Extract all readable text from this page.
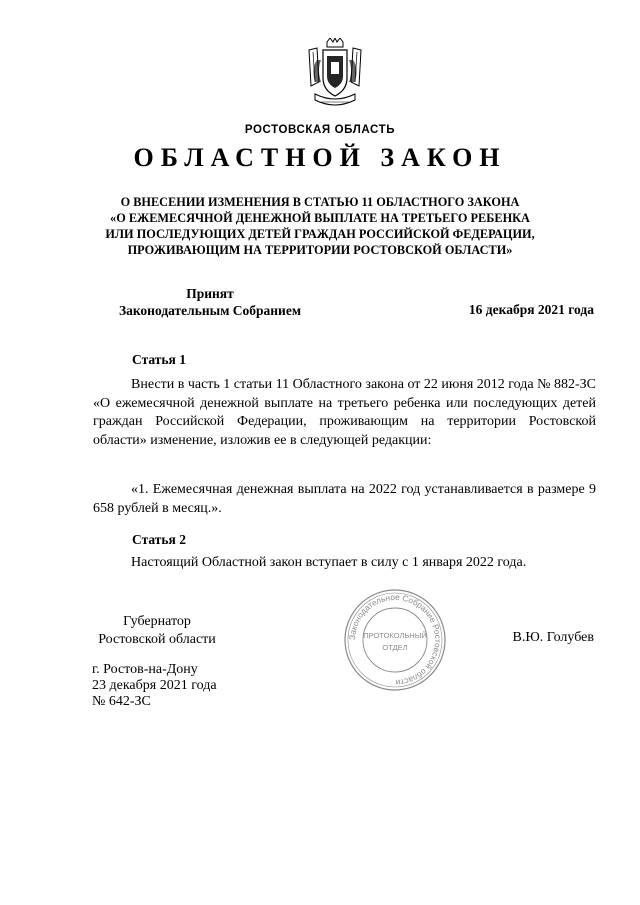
РОСТОВСКАЯ ОБЛАСТЬ
ОБЛАСТНОЙ ЗАКОН
О ВНЕСЕНИИ ИЗМЕНЕНИЯ В СТАТЬЮ 11 ОБЛАСТНОГО ЗАКОНА
«О ЕЖЕМЕСЯЧНОЙ ДЕНЕЖНОЙ ВЫПЛАТЕ НА ТРЕТЬЕГО РЕБЕНКА
ИЛИ ПОСЛЕДУЮЩИХ ДЕТЕЙ ГРАЖДАН РОССИЙСКОЙ ФЕДЕРАЦИИ,
ПРОЖИВАЮЩИМ НА ТЕРРИТОРИИ РОСТОВСКОЙ ОБЛАСТИ»
Принят
Законодательным Собранием	16 декабря 2021 года
Статья 1
Внести в часть 1 статьи 11 Областного закона от 22 июня 2012 года № 882-ЗС «О ежемесячной денежной выплате на третьего ребенка или последующих детей граждан Российской Федерации, проживающим на территории Ростовской области» изменение, изложив ее в следующей редакции:
«1. Ежемесячная денежная выплата на 2022 год устанавливается в размере 9 658 рублей в месяц.».
Статья 2
Настоящий Областной закон вступает в силу с 1 января 2022 года.
Губернатор
Ростовской области	В.Ю. Голубев
г. Ростов-на-Дону
23 декабря 2021 года
№ 642-ЗС
Законодательное Собрание Ростовской области
ПРОТОКОЛЬНЫЙ
ОТДЕЛ
